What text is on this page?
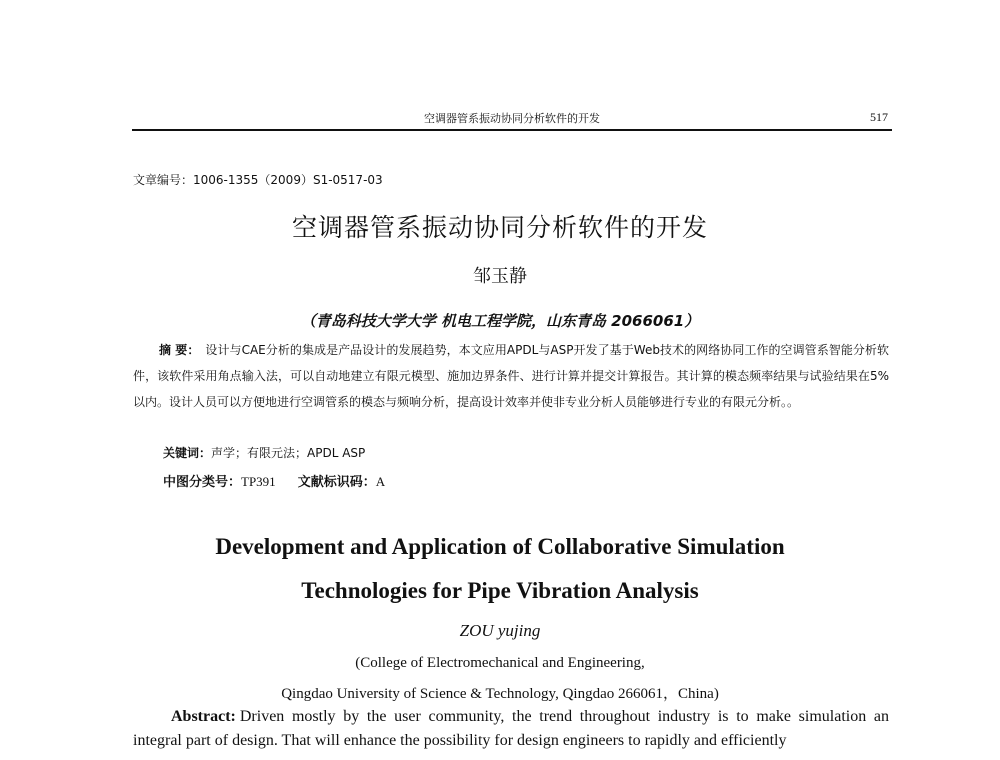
空调器管系振动协同分析软件的开发	517
文章编号：1006-1355（2009）S1-0517-03
空调器管系振动协同分析软件的开发
邹玉静
（青岛科技大学大学 机电工程学院，山东青岛 2066061）
摘 要： 设计与CAE分析的集成是产品设计的发展趋势，本文应用APDL与ASP开发了基于Web技术的网络协同工作的空调管系智能分析软件，该软件采用角点输入法，可以自动地建立有限元模型、施加边界条件、进行计算并提交计算报告。其计算的模态频率结果与试验结果在5%以内。设计人员可以方便地进行空调管系的模态与频响分析，提高设计效率并使非专业分析人员能够进行专业的有限元分析。。
关键词：声学；有限元法；APDL ASP
中图分类号：TP391 文献标识码：A
Development and Application of Collaborative Simulation
Technologies for Pipe Vibration Analysis
ZOU yujing
(College of Electromechanical and Engineering,
Qingdao University of Science & Technology, Qingdao 266061，China)
Abstract: Driven mostly by the user community, the trend throughout industry is to make simulation an integral part of design. That will enhance the possibility for design engineers to rapidly and efficiently
